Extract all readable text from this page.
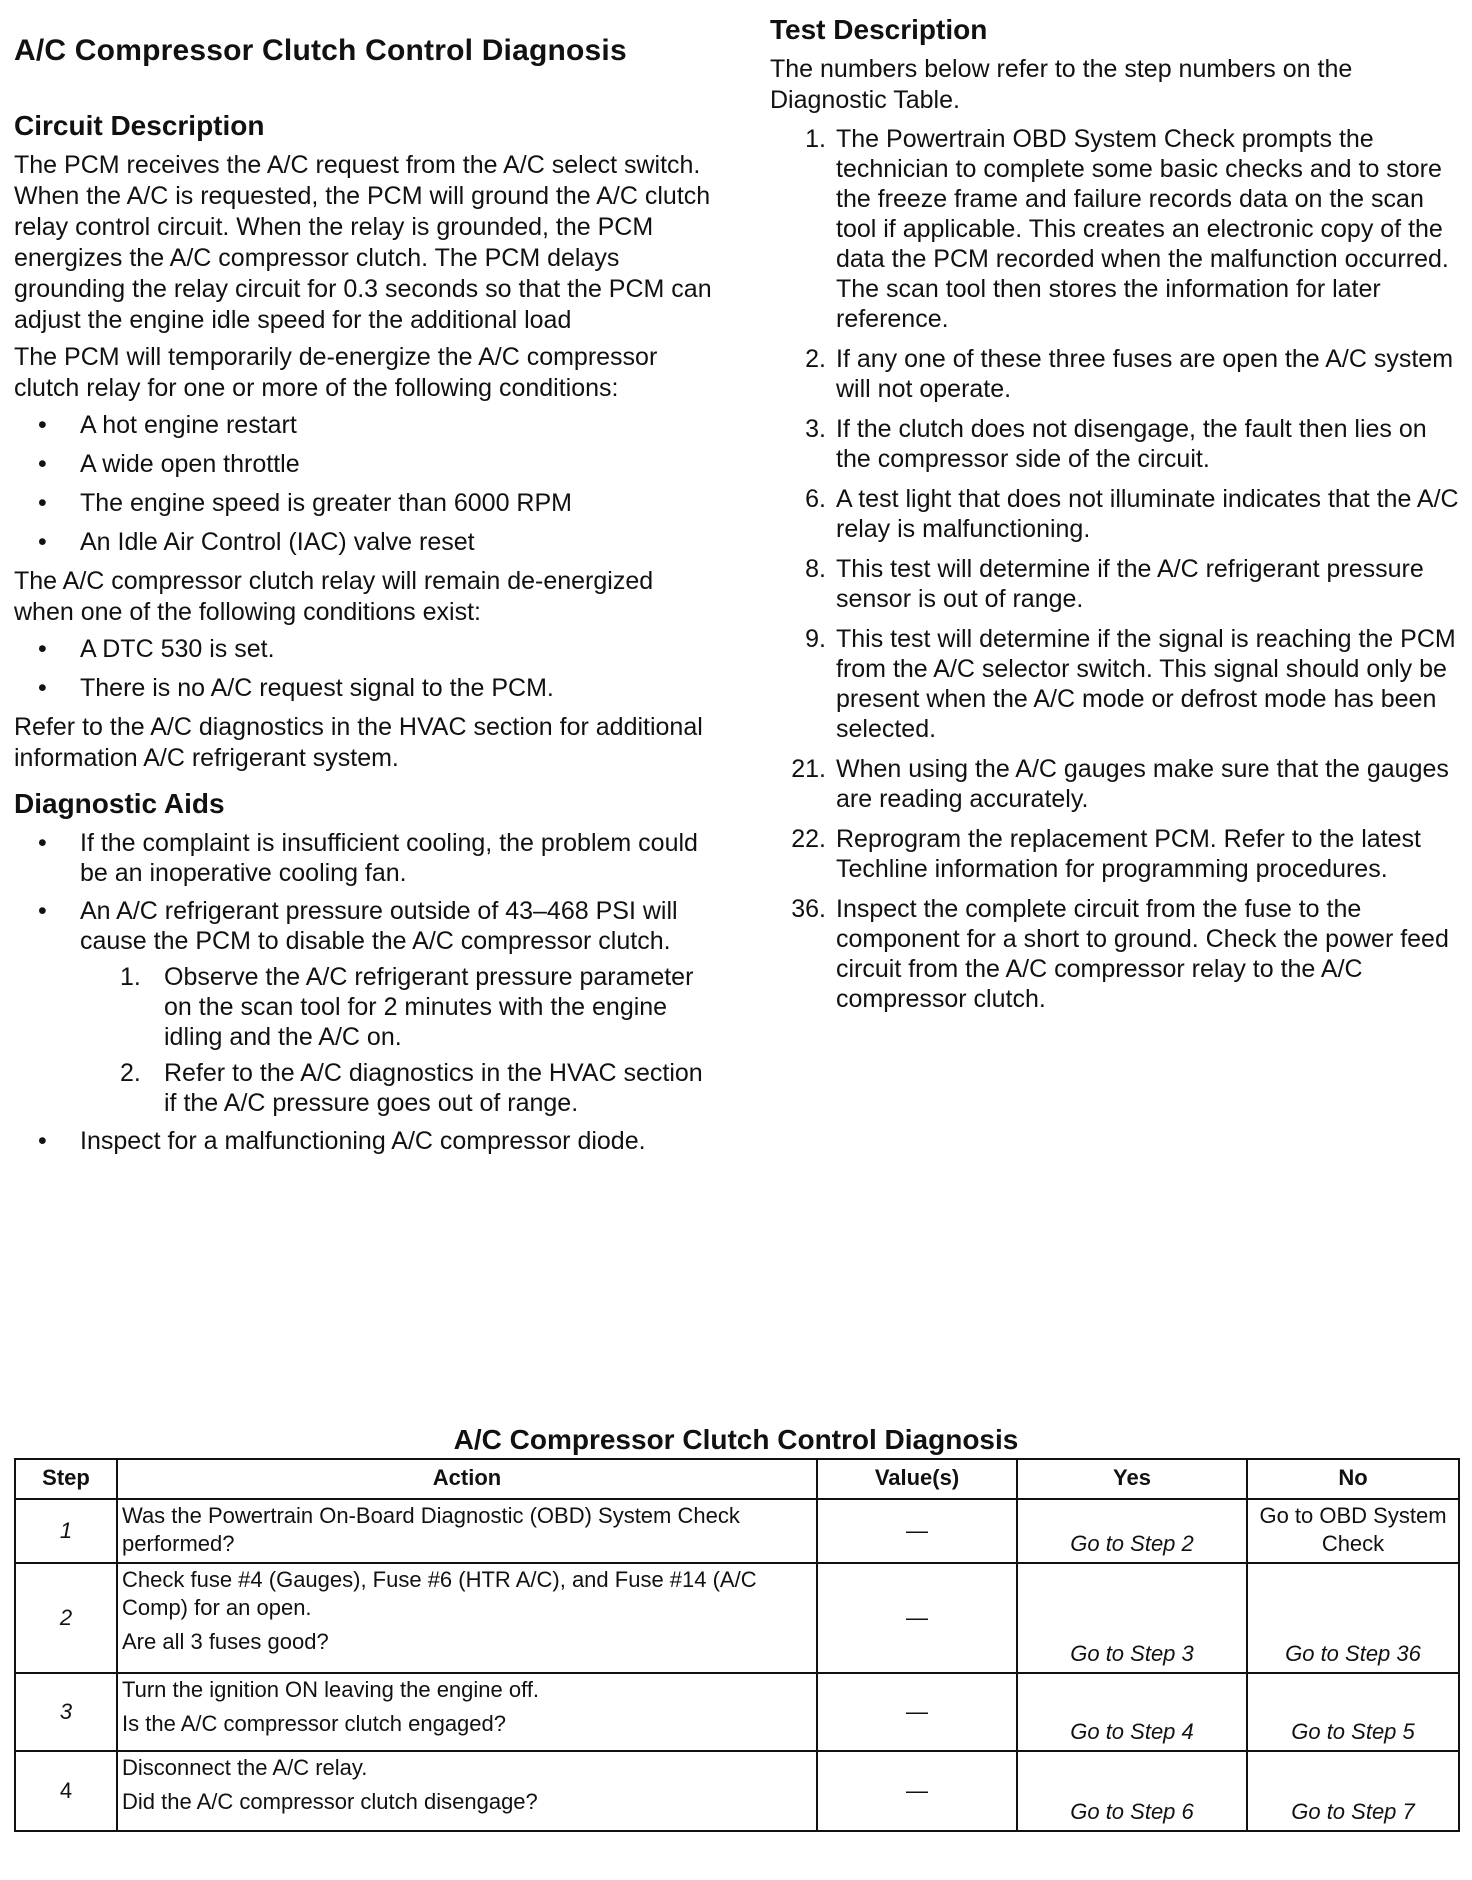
A/C Compressor Clutch Control Diagnosis
Circuit Description

The PCM receives the A/C request from the A/C select switch. When the A/C is requested, the PCM will ground the A/C clutch relay control circuit. When the relay is grounded, the PCM energizes the A/C compressor clutch. The PCM delays grounding the relay circuit for 0.3 seconds so that the PCM can adjust the engine idle speed for the additional load

The PCM will temporarily de-energize the A/C compressor clutch relay for one or more of the following conditions:

• A hot engine restart
• A wide open throttle
• The engine speed is greater than 6000 RPM
• An Idle Air Control (IAC) valve reset

The A/C compressor clutch relay will remain de-energized when one of the following conditions exist:

• A DTC 530 is set.
• There is no A/C request signal to the PCM.

Refer to the A/C diagnostics in the HVAC section for additional information A/C refrigerant system.

Diagnostic Aids
• If the complaint is insufficient cooling, the problem could be an inoperative cooling fan.
• An A/C refrigerant pressure outside of 43–468 PSI will cause the PCM to disable the A/C compressor clutch.
1. Observe the A/C refrigerant pressure parameter on the scan tool for 2 minutes with the engine idling and the A/C on.
2. Refer to the A/C diagnostics in the HVAC section if the A/C pressure goes out of range.
• Inspect for a malfunctioning A/C compressor diode.
Test Description

The numbers below refer to the step numbers on the Diagnostic Table.

1. The Powertrain OBD System Check prompts the technician to complete some basic checks and to store the freeze frame and failure records data on the scan tool if applicable. This creates an electronic copy of the data the PCM recorded when the malfunction occurred. The scan tool then stores the information for later reference.
2. If any one of these three fuses are open the A/C system will not operate.
3. If the clutch does not disengage, the fault then lies on the compressor side of the circuit.
6. A test light that does not illuminate indicates that the A/C relay is malfunctioning.
8. This test will determine if the A/C refrigerant pressure sensor is out of range.
9. This test will determine if the signal is reaching the PCM from the A/C selector switch. This signal should only be present when the A/C mode or defrost mode has been selected.
21. When using the A/C gauges make sure that the gauges are reading accurately.
22. Reprogram the replacement PCM. Refer to the latest Techline information for programming procedures.
36. Inspect the complete circuit from the fuse to the component for a short to ground. Check the power feed circuit from the A/C compressor relay to the A/C compressor clutch.
A/C Compressor Clutch Control Diagnosis
Step	Action	Value(s)	Yes	No
1	Was the Powertrain On-Board Diagnostic (OBD) System Check performed?	—	Go to Step 2	Go to OBD System Check
2	Check fuse #4 (Gauges), Fuse #6 (HTR A/C), and Fuse #14 (A/C Comp) for an open.
Are all 3 fuses good?	—	Go to Step 3	Go to Step 36
3	Turn the ignition ON leaving the engine off.
Is the A/C compressor clutch engaged?	—	Go to Step 4	Go to Step 5
4	Disconnect the A/C relay.
Did the A/C compressor clutch disengage?	—	Go to Step 6	Go to Step 7
